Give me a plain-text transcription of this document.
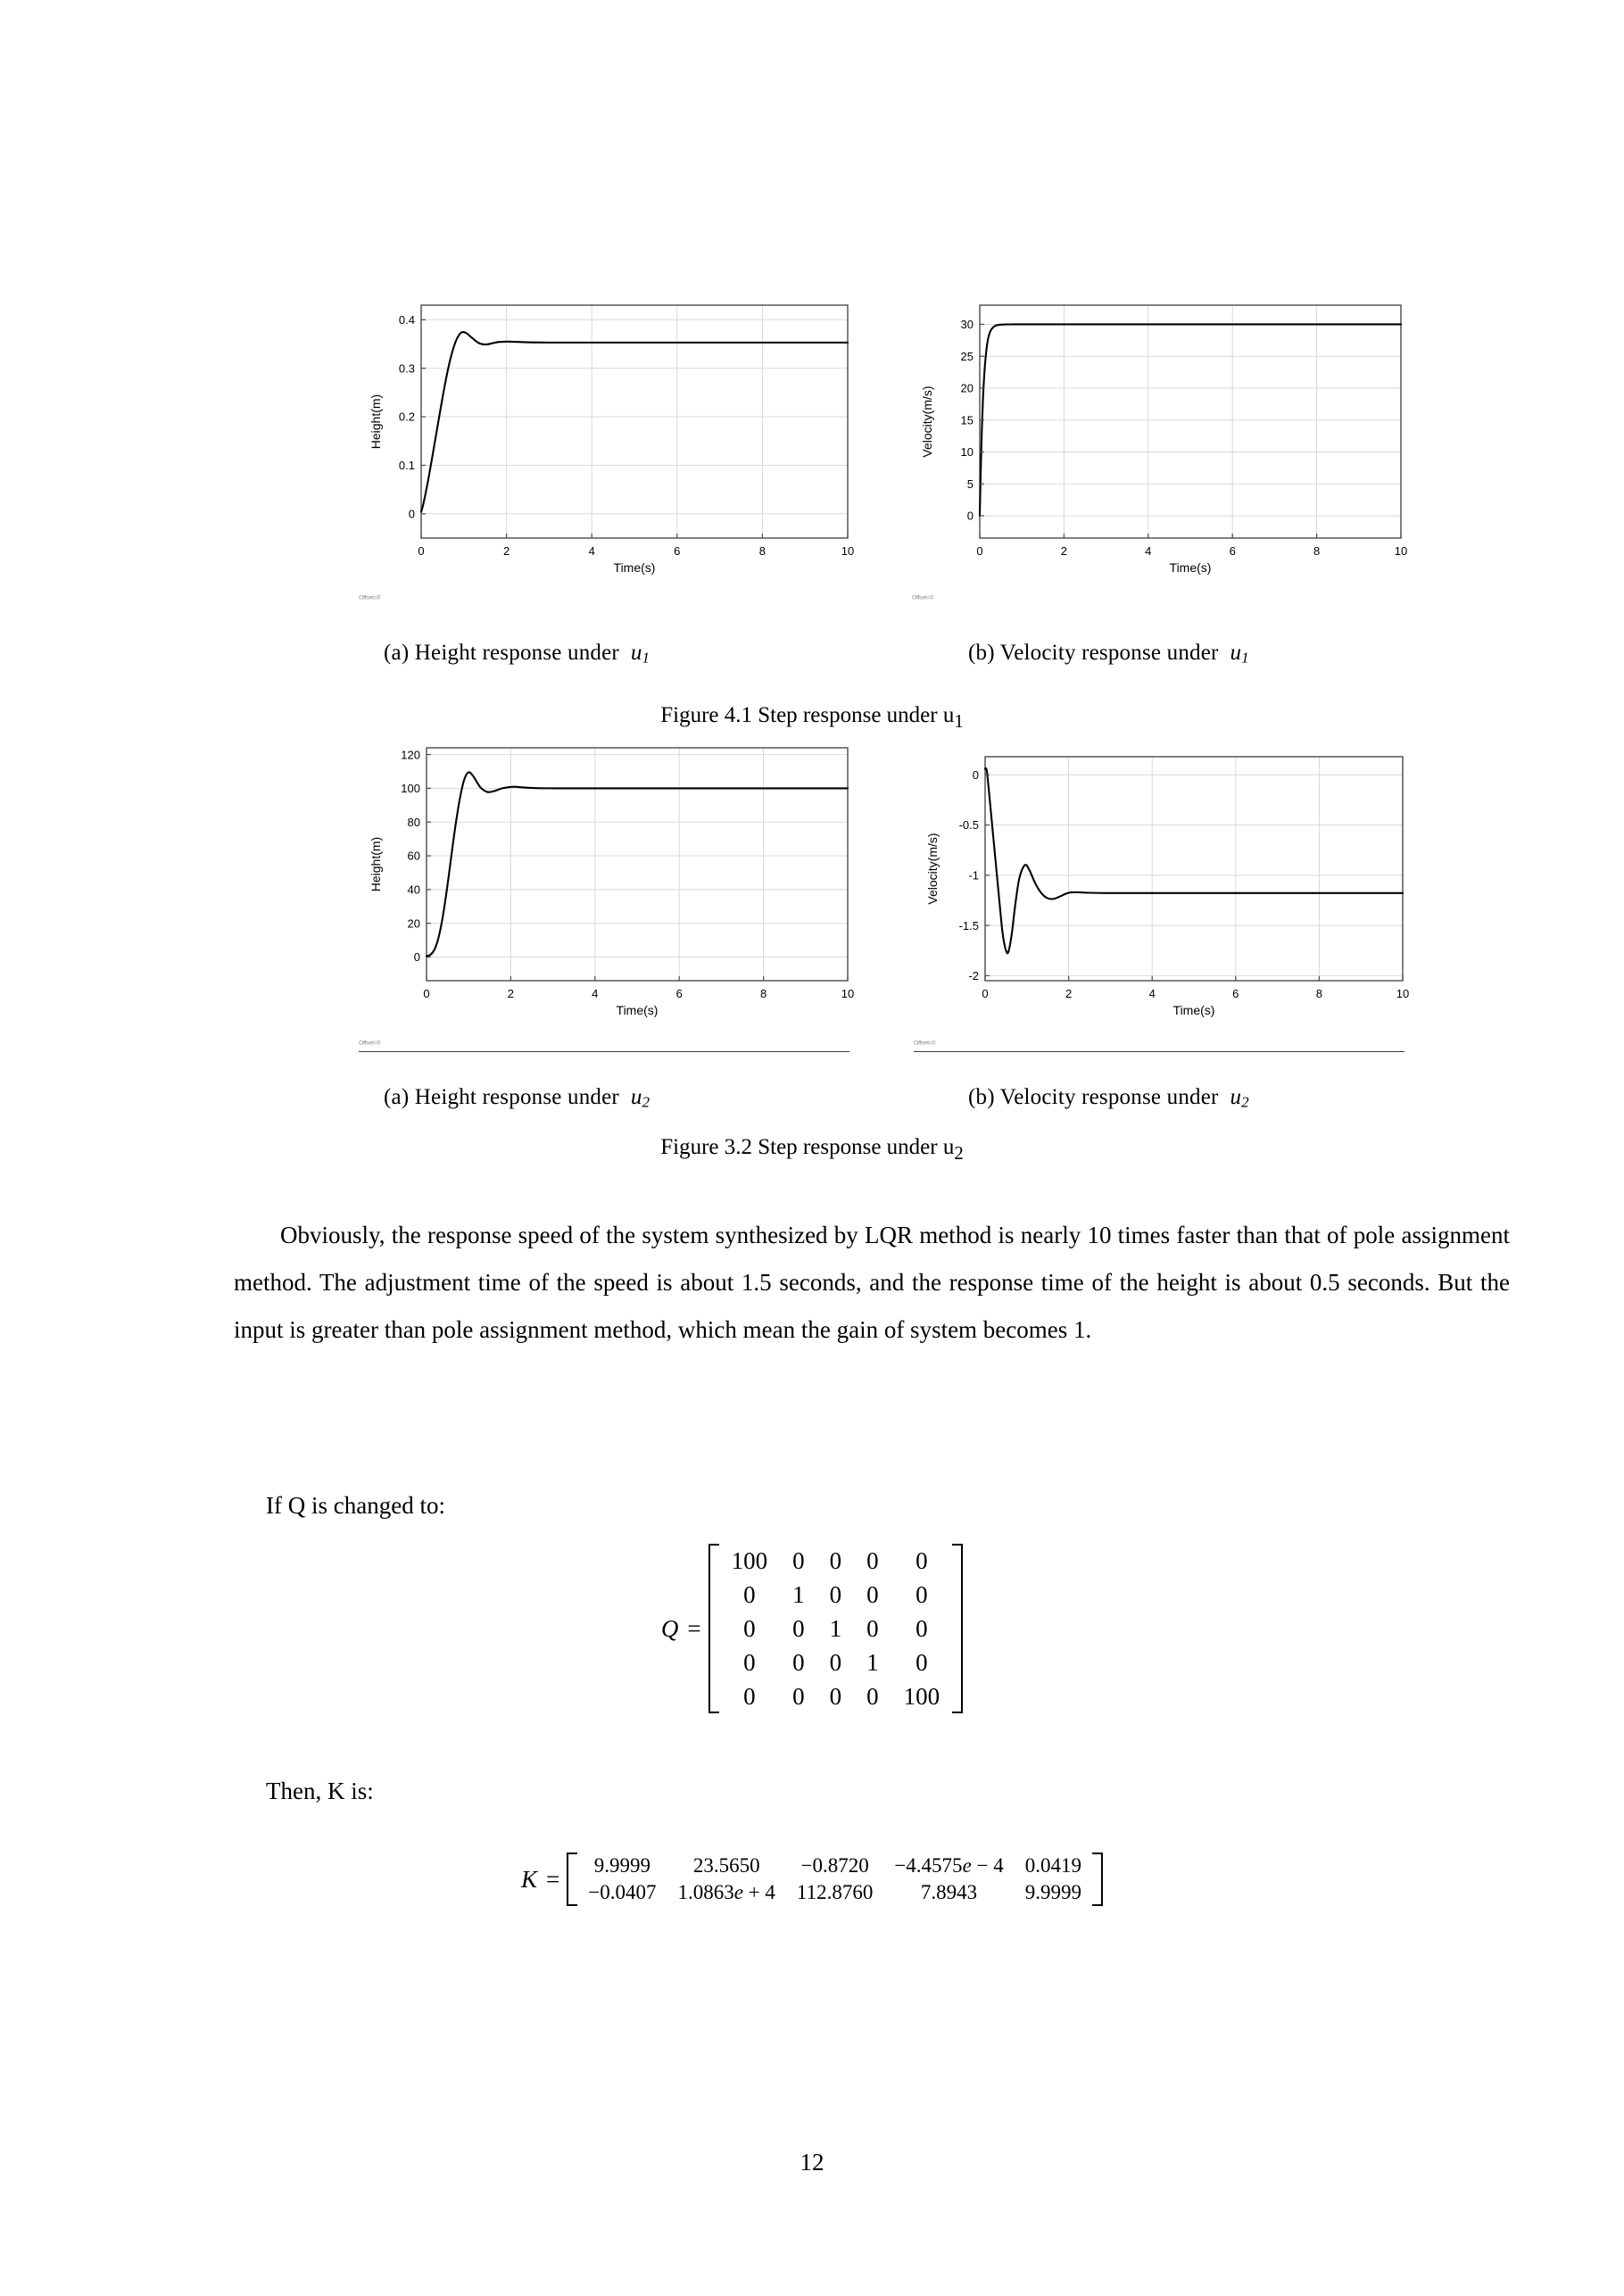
0
0.1
0.2
0.3
0.4
0	2	4	6	8	10
Time(s)
Height(m)
Offset=0
0
5
10
15
20
25
30
0	2	4	6	8	10
Time(s)
Velocity(m/s)
Offset=0
(a) Height response under $u_1$	(b) Velocity response under $u_1$
Figure 4.1 Step response under $u_1$
0
20
40
60
80
100
120
0	2	4	6	8	10
Time(s)
Height(m)
Offset=0
0
-0.5
-1
-1.5
-2
0	2	4	6	8	10
Time(s)
Velocity(m/s)
Offset=0
(a) Height response under $u_2$	(b) Velocity response under $u_2$
Figure 3.2 Step response under $u_2$
Obviously, the response speed of the system synthesized by LQR method is nearly 10 times faster than that of pole assignment method. The adjustment time of the speed is about 1.5 seconds, and the response time of the height is about 0.5 seconds. But the input is greater than pole assignment method, which mean the gain of system becomes 1.
If Q is changed to:
Q =
100	0	0	0	0
0	1	0	0	0
0	0	1	0	0
0	0	0	1	0
0	0	0	0	100
Then, K is:
K = 9.9999	23.5650	−0.8720	−4.4575e − 4	0.0419
−0.0407	1.0863e + 4	112.8760	7.8943	9.9999
12
